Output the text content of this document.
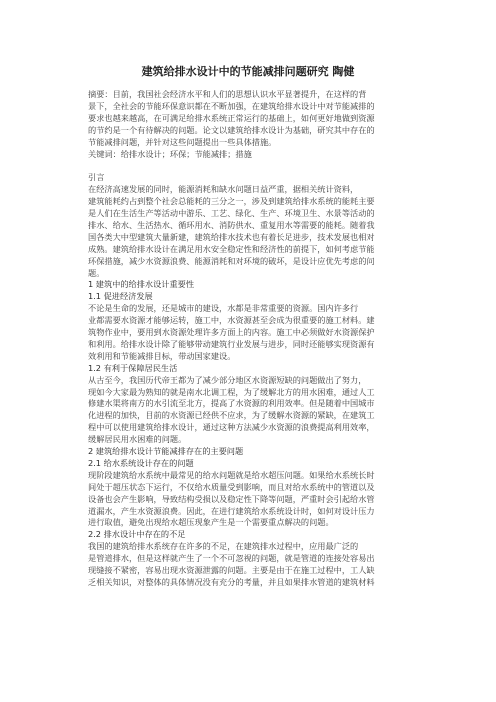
建筑给排水设计中的节能减排问题研究 陶健
摘要：目前，我国社会经济水平和人们的思想认识水平显著提升，在这样的背
景下，全社会的节能环保意识都在不断加强，在建筑给排水设计中对节能减排的
要求也越来越高，在可满足给排水系统正常运行的基础上，如何更好地做到资源
的节约是一个有待解决的问题。论文以建筑给排水设计为基础，研究其中存在的
节能减排问题，并针对这些问题提出一些具体措施。
关键词：给排水设计；环保；节能减排；措施
引言
在经济高速发展的同时，能源消耗和缺水问题日益严重，据相关统计资料，
建筑能耗约占到整个社会总能耗的三分之一，涉及到建筑给排水系统的能耗主要
是人们在生活生产等活动中游乐、工艺、绿化、生产、环境卫生、水景等活动的
排水、给水、生活热水、循环用水、消防供水、重复用水等需要的能耗。随着我
国各类大中型建筑大量新建，建筑给排水技术也有着长足进步，技术发展也相对
成熟。建筑给排水设计在满足用水安全稳定性和经济性的前提下，如何考虑节能
环保措施，减少水资源浪费、能源消耗和对环境的破坏，是设计应优先考虑的问
题。
1 建筑中的给排水设计重要性
1.1 促进经济发展
不论是生命的发展，还是城市的建设，水都是非常重要的资源。国内许多行
业都需要水资源才能够运转，施工中，水资源甚至会成为很重要的施工材料。建
筑物作业中，要用到水资源处理许多方面上的内容。施工中必须做好水资源保护
和利用。给排水设计除了能够带动建筑行业发展与进步，同时还能够实现资源有
效利用和节能减排目标，带动国家建设。
1.2 有利于保障居民生活
从古至今，我国历代帝王都为了减少部分地区水资源短缺的问题做出了努力，
现如今大家最为熟知的就是南水北调工程，为了缓解北方的用水困难，通过人工
修建水渠将南方的水引流至北方，提高了水资源的利用效率。但是随着中国城市
化进程的加快，目前的水资源已经供不应求，为了缓解水资源的紧缺，在建筑工
程中可以使用建筑给排水设计，通过这种方法减少水资源的浪费提高利用效率，
缓解居民用水困难的问题。
2 建筑给排水设计节能减排存在的主要问题
2.1 给水系统设计存在的问题
现阶段建筑给水系统中最常见的给水问题就是给水超压问题。如果给水系统长时
间处于超压状态下运行，不仅给水质量受到影响，而且对给水系统中的管道以及
设备也会产生影响，导致结构受损以及稳定性下降等问题，严重时会引起给水管
道漏水，产生水资源浪费。因此，在进行建筑给水系统设计时，如何对设计压力
进行取值，避免出现给水超压现象产生是一个需要重点解决的问题。
2.2 排水设计中存在的不足
我国的建筑给排水系统存在许多的不足，在建筑排水过程中，应用最广泛的
是管道排水，但是这样就产生了一个不可忽视的问题，就是管道的连接处容易出
现缝接不紧密，容易出现水资源泄露的问题。主要是由于在施工过程中，工人缺
乏相关知识，对整体的具体情况没有充分的考量，并且如果排水管道的建筑材料
